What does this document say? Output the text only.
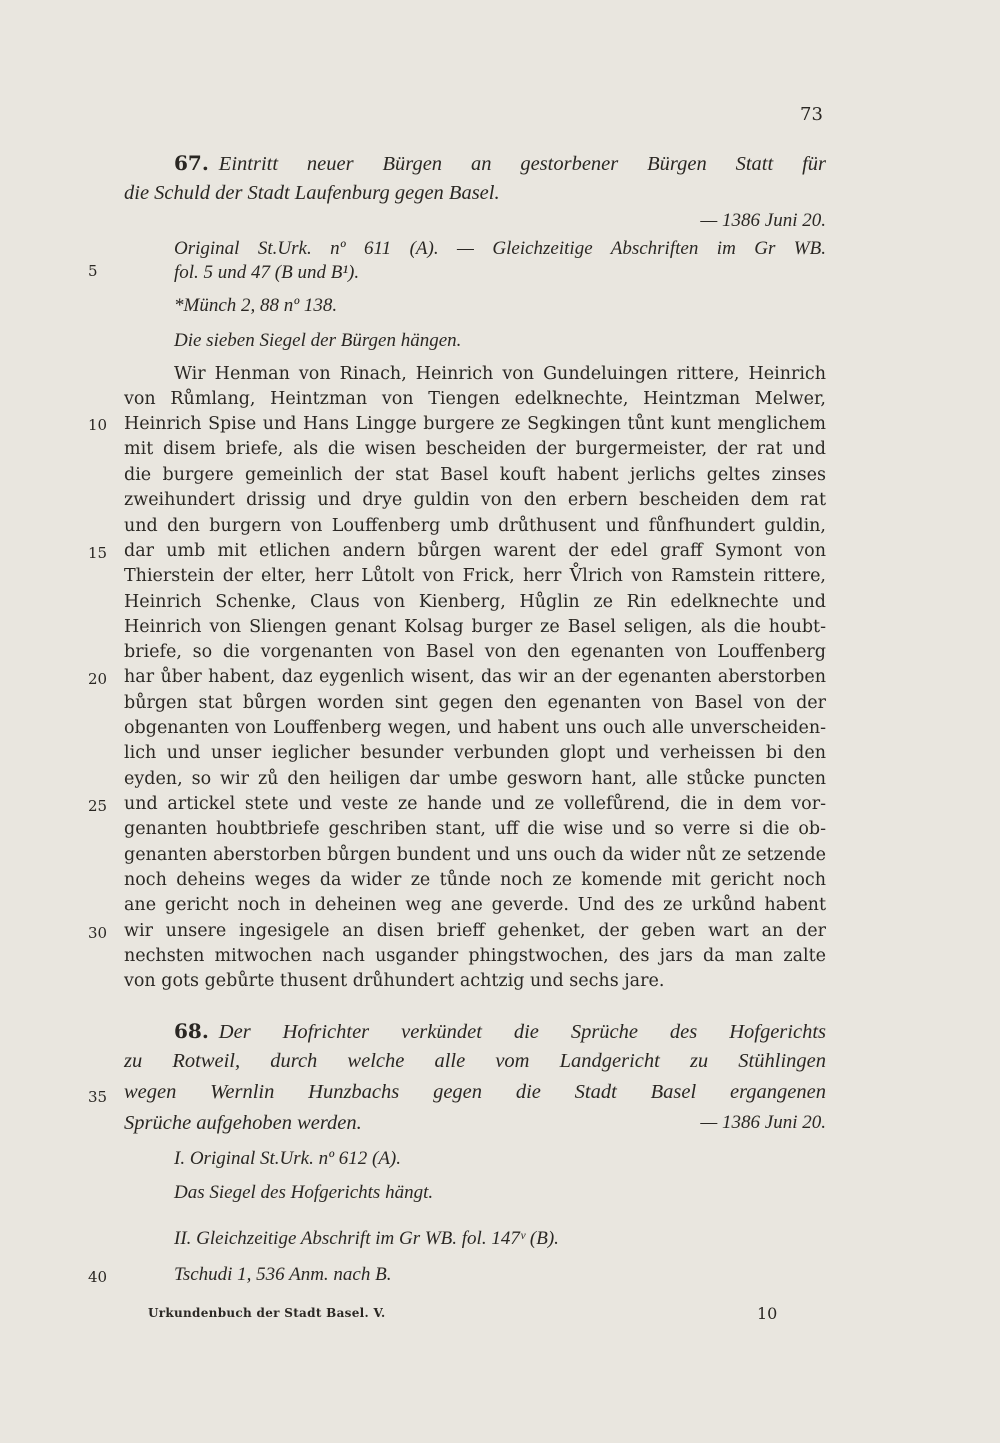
73
5
10
15
20
25
30
35
40
67. Eintritt neuer Bürgen an gestorbener Bürgen Statt für
die Schuld der Stadt Laufenburg gegen Basel.
— 1386 Juni 20.
Original St.Urk. nº 611 (A). — Gleichzeitige Abschriften im Gr WB.
fol. 5 und 47 (B und B¹).
*Münch 2, 88 nº 138.
Die sieben Siegel der Bürgen hängen.
Wir Henman von Rinach, Heinrich von Gundeluingen rittere, Heinrich
von Růmlang, Heintzman von Tiengen edelknechte, Heintzman Melwer,
Heinrich Spise und Hans Lingge burgere ze Segkingen tůnt kunt menglichem
mit disem briefe, als die wisen bescheiden der burgermeister, der rat und
die burgere gemeinlich der stat Basel kouft habent jerlichs geltes zinses
zweihundert drissig und drye guldin von den erbern bescheiden dem rat
und den burgern von Louffenberg umb drůthusent und fůnfhundert guldin,
dar umb mit etlichen andern bůrgen warent der edel graff Symont von
Thierstein der elter, herr Lůtolt von Frick, herr V̊lrich von Ramstein rittere,
Heinrich Schenke, Claus von Kienberg, Hůglin ze Rin edelknechte und
Heinrich von Sliengen genant Kolsag burger ze Basel seligen, als die houbt-
briefe, so die vorgenanten von Basel von den egenanten von Louffenberg
har ůber habent, daz eygenlich wisent, das wir an der egenanten aberstorben
bůrgen stat bůrgen worden sint gegen den egenanten von Basel von der
obgenanten von Louffenberg wegen, und habent uns ouch alle unverscheiden-
lich und unser ieglicher besunder verbunden glopt und verheissen bi den
eyden, so wir zů den heiligen dar umbe gesworn hant, alle stůcke puncten
und artickel stete und veste ze hande und ze vollefůrend, die in dem vor-
genanten houbtbriefe geschriben stant, uff die wise und so verre si die ob-
genanten aberstorben bůrgen bundent und uns ouch da wider nůt ze setzende
noch deheins weges da wider ze tůnde noch ze komende mit gericht noch
ane gericht noch in deheinen weg ane geverde. Und des ze urkůnd habent
wir unsere ingesigele an disen brieff gehenket, der geben wart an der
nechsten mitwochen nach usgander phingstwochen, des jars da man zalte
von gots gebůrte thusent drůhundert achtzig und sechs jare.
68. Der Hofrichter verkündet die Sprüche des Hofgerichts
zu Rotweil, durch welche alle vom Landgericht zu Stühlingen
wegen Wernlin Hunzbachs gegen die Stadt Basel ergangenen
Sprüche aufgehoben werden.	— 1386 Juni 20.
I. Original St.Urk. nº 612 (A).
Das Siegel des Hofgerichts hängt.
II. Gleichzeitige Abschrift im Gr WB. fol. 147ᵛ (B).
Tschudi 1, 536 Anm. nach B.
Urkundenbuch der Stadt Basel. V.	10
